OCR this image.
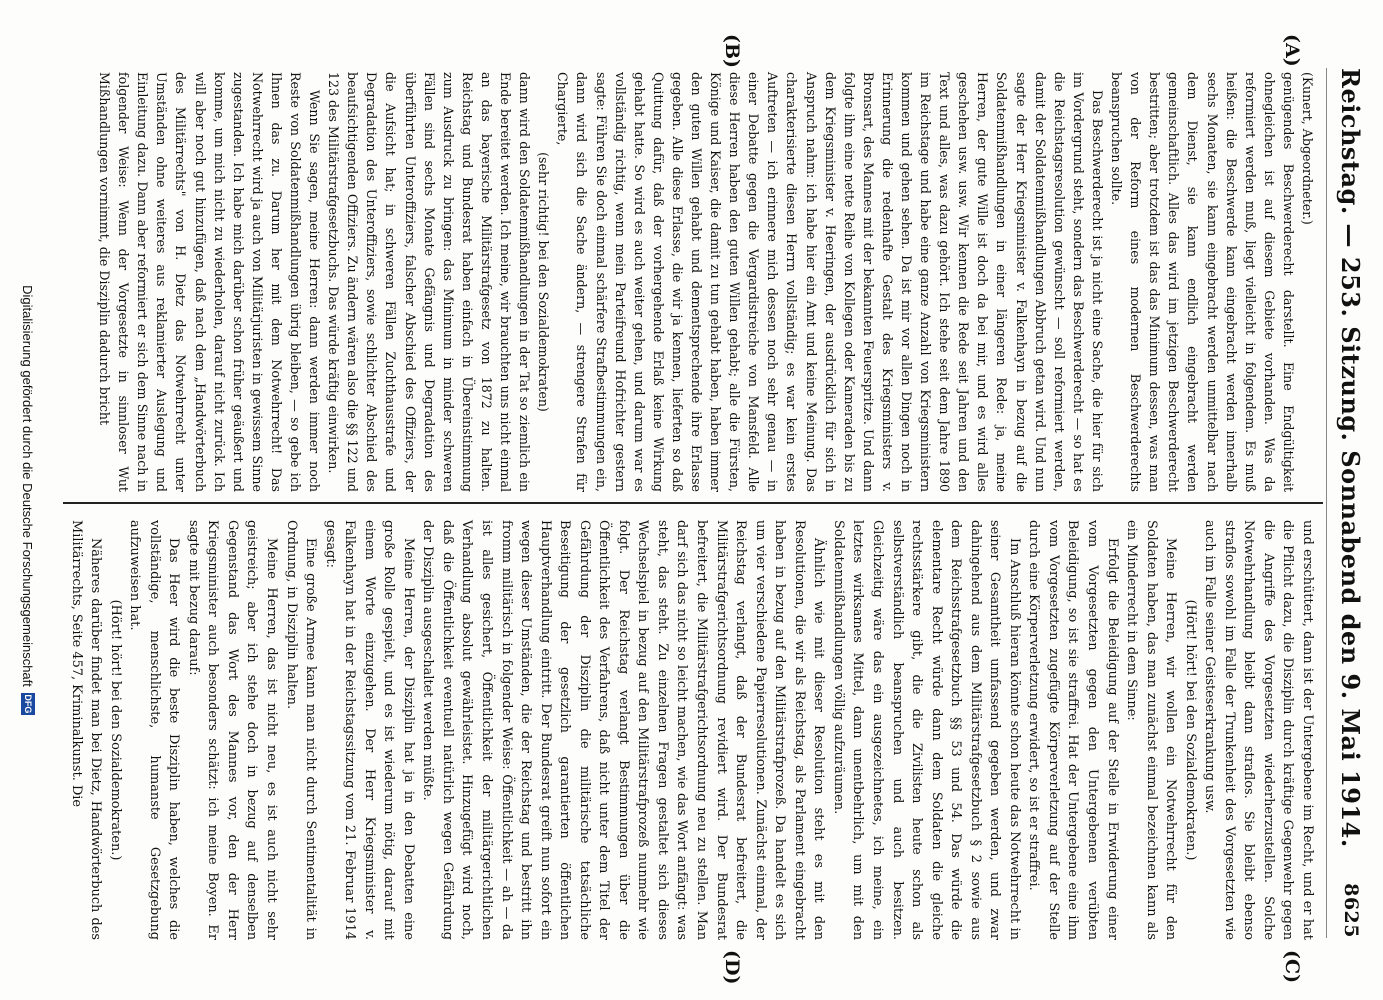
Reichstag. — 253. Sitzung. Sonnabend den 9. Mai 1914.
8625
(A)
(B)
(C)
(D)

(Kunert, Abgeordneter.)

genügendes Beschwerderecht darstellt. Eine Endgültigkeit ohnegleichen ist auf diesem Gebiete vorhanden. Was da reformiert werden muß, liegt vielleicht in folgendem. Es muß heißen: die Beschwerde kann eingebracht werden innerhalb sechs Monaten, sie kann eingebracht werden unmittelbar nach dem Dienst, sie kann endlich eingebracht werden gemeinschaftlich. Alles das wird im jetzigen Beschwerderecht bestritten; aber trotzdem ist das das Minimum dessen, was man von der Reform eines modernen Beschwerderechts beanspruchen sollte.

Das Beschwerderecht ist ja nicht eine Sache, die hier für sich im Vordergrund steht, sondern das Beschwerderecht — so hat es die Reichstagsresolution gewünscht — soll reformiert werden, damit der Soldatenmißhandlungen Abbruch getan wird. Und nun sagte der Herr Kriegsminister v. Falkenhayn in bezug auf die Soldatenmißhandlungen in einer längeren Rede: ja, meine Herren, der gute Wille ist doch da bei mir, und es wird alles geschehen usw. usw. Wir kennen die Rede seit Jahren und den Text und alles, was dazu gehört. Ich stehe seit dem Jahre 1890 im Reichstage und habe eine ganze Anzahl von Kriegsministern kommen und gehen sehen. Da ist mir vor allen Dingen noch in Erinnerung die redenhafte Gestalt des Kriegsministers v. Bronsart, des Mannes mit der bekannten Feuerspritze. Und dann folgte ihm eine nette Reihe von Kollegen oder Kameraden bis zu dem Kriegsminister v. Heeringen, der ausdrücklich für sich in Anspruch nahm: ich habe hier ein Amt und keine Meinung. Das charakterisierte diesen Herrn vollständig; es war kein erstes Auftreten — ich erinnere mich dessen noch sehr genau — in einer Debatte gegen die Vergardistreiche von Mansfeld. Alle diese Herren haben den guten Willen gehabt; alle die Fürsten, Könige und Kaiser, die damit zu tun gehabt haben, haben immer den guten Willen gehabt und dementsprechende ihre Erlasse gegeben. Alle diese Erlasse, die wir ja kennen, lieferten so daß Quittung dafür, daß der vorhergehende Erlaß keine Wirkung gehabt hatte. So wird es auch weiter gehen, und darum war es vollständig richtig, wenn mein Parteifreund Hofrichter gestern sagte: Führen Sie doch einmal schärfere Strafbestimmungen ein, dann wird sich die Sache ändern, — strengere Strafen für Chargierte,

(sehr richtig! bei den Sozialdemokraten)

dann wird den Soldatenmißhandlungen in der Tat so ziemlich ein Ende bereitet werden. Ich meine, wir brauchten uns nicht einmal an das bayerische Militärstrafgesetz von 1872 zu halten. Reichstag und Bundesrat haben einfach in Übereinstimmung zum Ausdruck zu bringen: das Minimum in minder schweren Fällen sind sechs Monate Gefängnis und Degradation des überführten Unteroffiziers, falscher Abschied des Offiziers, der die Aufsicht hat; in schweren Fällen Zuchthausstrafe und Degradation des Unteroffiziers, sowie schlichter Abschied des beaufsichtigenden Offiziers. Zu ändern wären also die §§ 122 und 123 des Militärstrafgesetzbuchs. Das würde kräftig einwirken.

Wenn Sie sagen, meine Herren: dann werden immer noch Reste von Soldatenmißhandlungen übrig bleiben, — so gebe ich Ihnen das zu. Darum her mit dem Notwehrrecht! Das Notwehrrecht wird ja auch von Militärjuristen in gewissem Sinne zugestanden. Ich habe mich darüber schon früher geäußert und komme, um mich nicht zu wiederholen, darauf nicht zurück. Ich will aber noch gut hinzufügen, daß nach dem „Handwörterbuch des Militärrechts" von H. Dietz das Notwehrrecht unter Umständen ohne weiteres aus reklamierter Auslegung und Einleitung dazu. Dann aber reformiert er sich dem Sinne nach in folgender Weise: Wenn der Vorgesetzte in sinnloser Wut Mißhandlungen vornimmt, die Disziplin dadurch bricht

und erschüttert, dann ist der Untergebene im Recht, und er hat die Pflicht dazu, die Disziplin durch kräftige Gegenwehr gegen die Angriffe des Vorgesetzten wiederherzustellen. Solche Notwehrhandlung bleibt dann straflos. Sie bleibt ebenso straflos sowohl im Falle der Trunkenheit des Vorgesetzten wie auch im Falle seiner Geisteserkrankung usw.

(Hört! hört! bei den Sozialdemokraten.)

Meine Herren, wir wollen ein Notwehrrecht für den Soldaten haben, das man zunächst einmal bezeichnen kann als ein Minderrecht in dem Sinne:

Erfolgt die Beleidigung auf der Stelle in Erwiderung einer vom Vorgesetzten gegen den Untergebenen verübten Beleidigung, so ist sie straffrei. Hat der Untergebene eine ihm vom Vorgesetzten zugefügte Körperverletzung auf der Stelle durch eine Körperverletzung erwidert, so ist er straffrei.

Im Anschluß hieran könnte schon heute das Notwehrrecht in seiner Gesamtheit umfassend gegeben werden, und zwar dahingehend aus dem Militärstrafgesetzbuch § 2 sowie aus dem Reichsstrafgesetzbuch §§ 53 und 54. Das würde die elementare Recht würde dann dem Soldaten die gleiche rechtsstärkere gibt, die die Zivilisten heute schon als selbstverständlich beanspruchen und auch besitzen. Gleichzeitig wäre das ein ausgezeichnetes, ich meine, ein letztes wirksames Mittel, dann unentbehrlich, um mit den Soldatenmißhandlungen völlig aufzuräumen.

Ähnlich wie mit dieser Resolution steht es mit den Resolutionen, die wir als Reichstag, als Parlament eingebracht haben in bezug auf den Militärstrafprozeß. Da handelt es sich um vier verschiedene Papierresolutionen. Zunächst einmal, der Reichstag verlangt, daß der Bundesrat befreitert, die Militärstrafgerichtsordnung revidiert wird. Der Bundesrat befreitert, die Militärstrafgerichtsordnung neu zu stellen. Man darf sich das nicht so leicht machen, wie das Wort anfängt: was steht, das steht. Zu einzelnen Fragen gestaltet sich dieses Wechselspiel in bezug auf den Militärstrafprozeß nunmehr wie folgt. Der Reichstag verlangt Bestimmungen über die Öffentlichkeit des Verfahrens, daß nicht unter dem Titel der Gefährdung der Disziplin die militärische tatsächliche Beseitigung der gesetzlich garantierten öffentlichen Hauptverhandlung eintritt. Der Bundesrat greift nun sofort ein wegen dieser Umständen, die der Reichstag und bestritt ihn fromm militärisch in folgender Weise: Öffentlichkeit — ah — da ist alles gesichert, Öffentlichkeit der militärgerichtlichen Verhandlung absolut gewährleistet. Hinzugefügt wird noch, daß die Öffentlichkeit eventuell natürlich wegen Gefährdung der Disziplin ausgeschaltet werden müßte.

Meine Herren, der Disziplin hat ja in den Debatten eine große Rolle gespielt, und es ist wiederum nötig, darauf mit einem Worte einzugehen. Der Herr Kriegsminister v. Falkenhayn hat in der Reichstagssitzung vom 21. Februar 1914 gesagt:

Eine große Armee kann man nicht durch Sentimentalität in Ordnung, in Disziplin halten.

Meine Herren, das ist nicht neu, es ist auch nicht sehr geistreich; aber ich stehe doch in bezug auf denselben Gegenstand das Wort des Mannes vor, den der Herr Kriegsminister auch besonders schätzt: ich meine Boyen. Er sagte mit bezug darauf:

Das Heer wird die beste Disziplin haben, welches die vollständige, menschlichste, humanste Gesetzgebung aufzuweisen hat.

(Hört! hört! bei den Sozialdemokraten.)

Näheres darüber findet man bei Dietz, Handwörterbuch des Militärrechts, Seite 457, Kriminalkunst. Die

Digitalisierung gefördert durch die Deutsche Forschungsgemeinschaft
DFG
